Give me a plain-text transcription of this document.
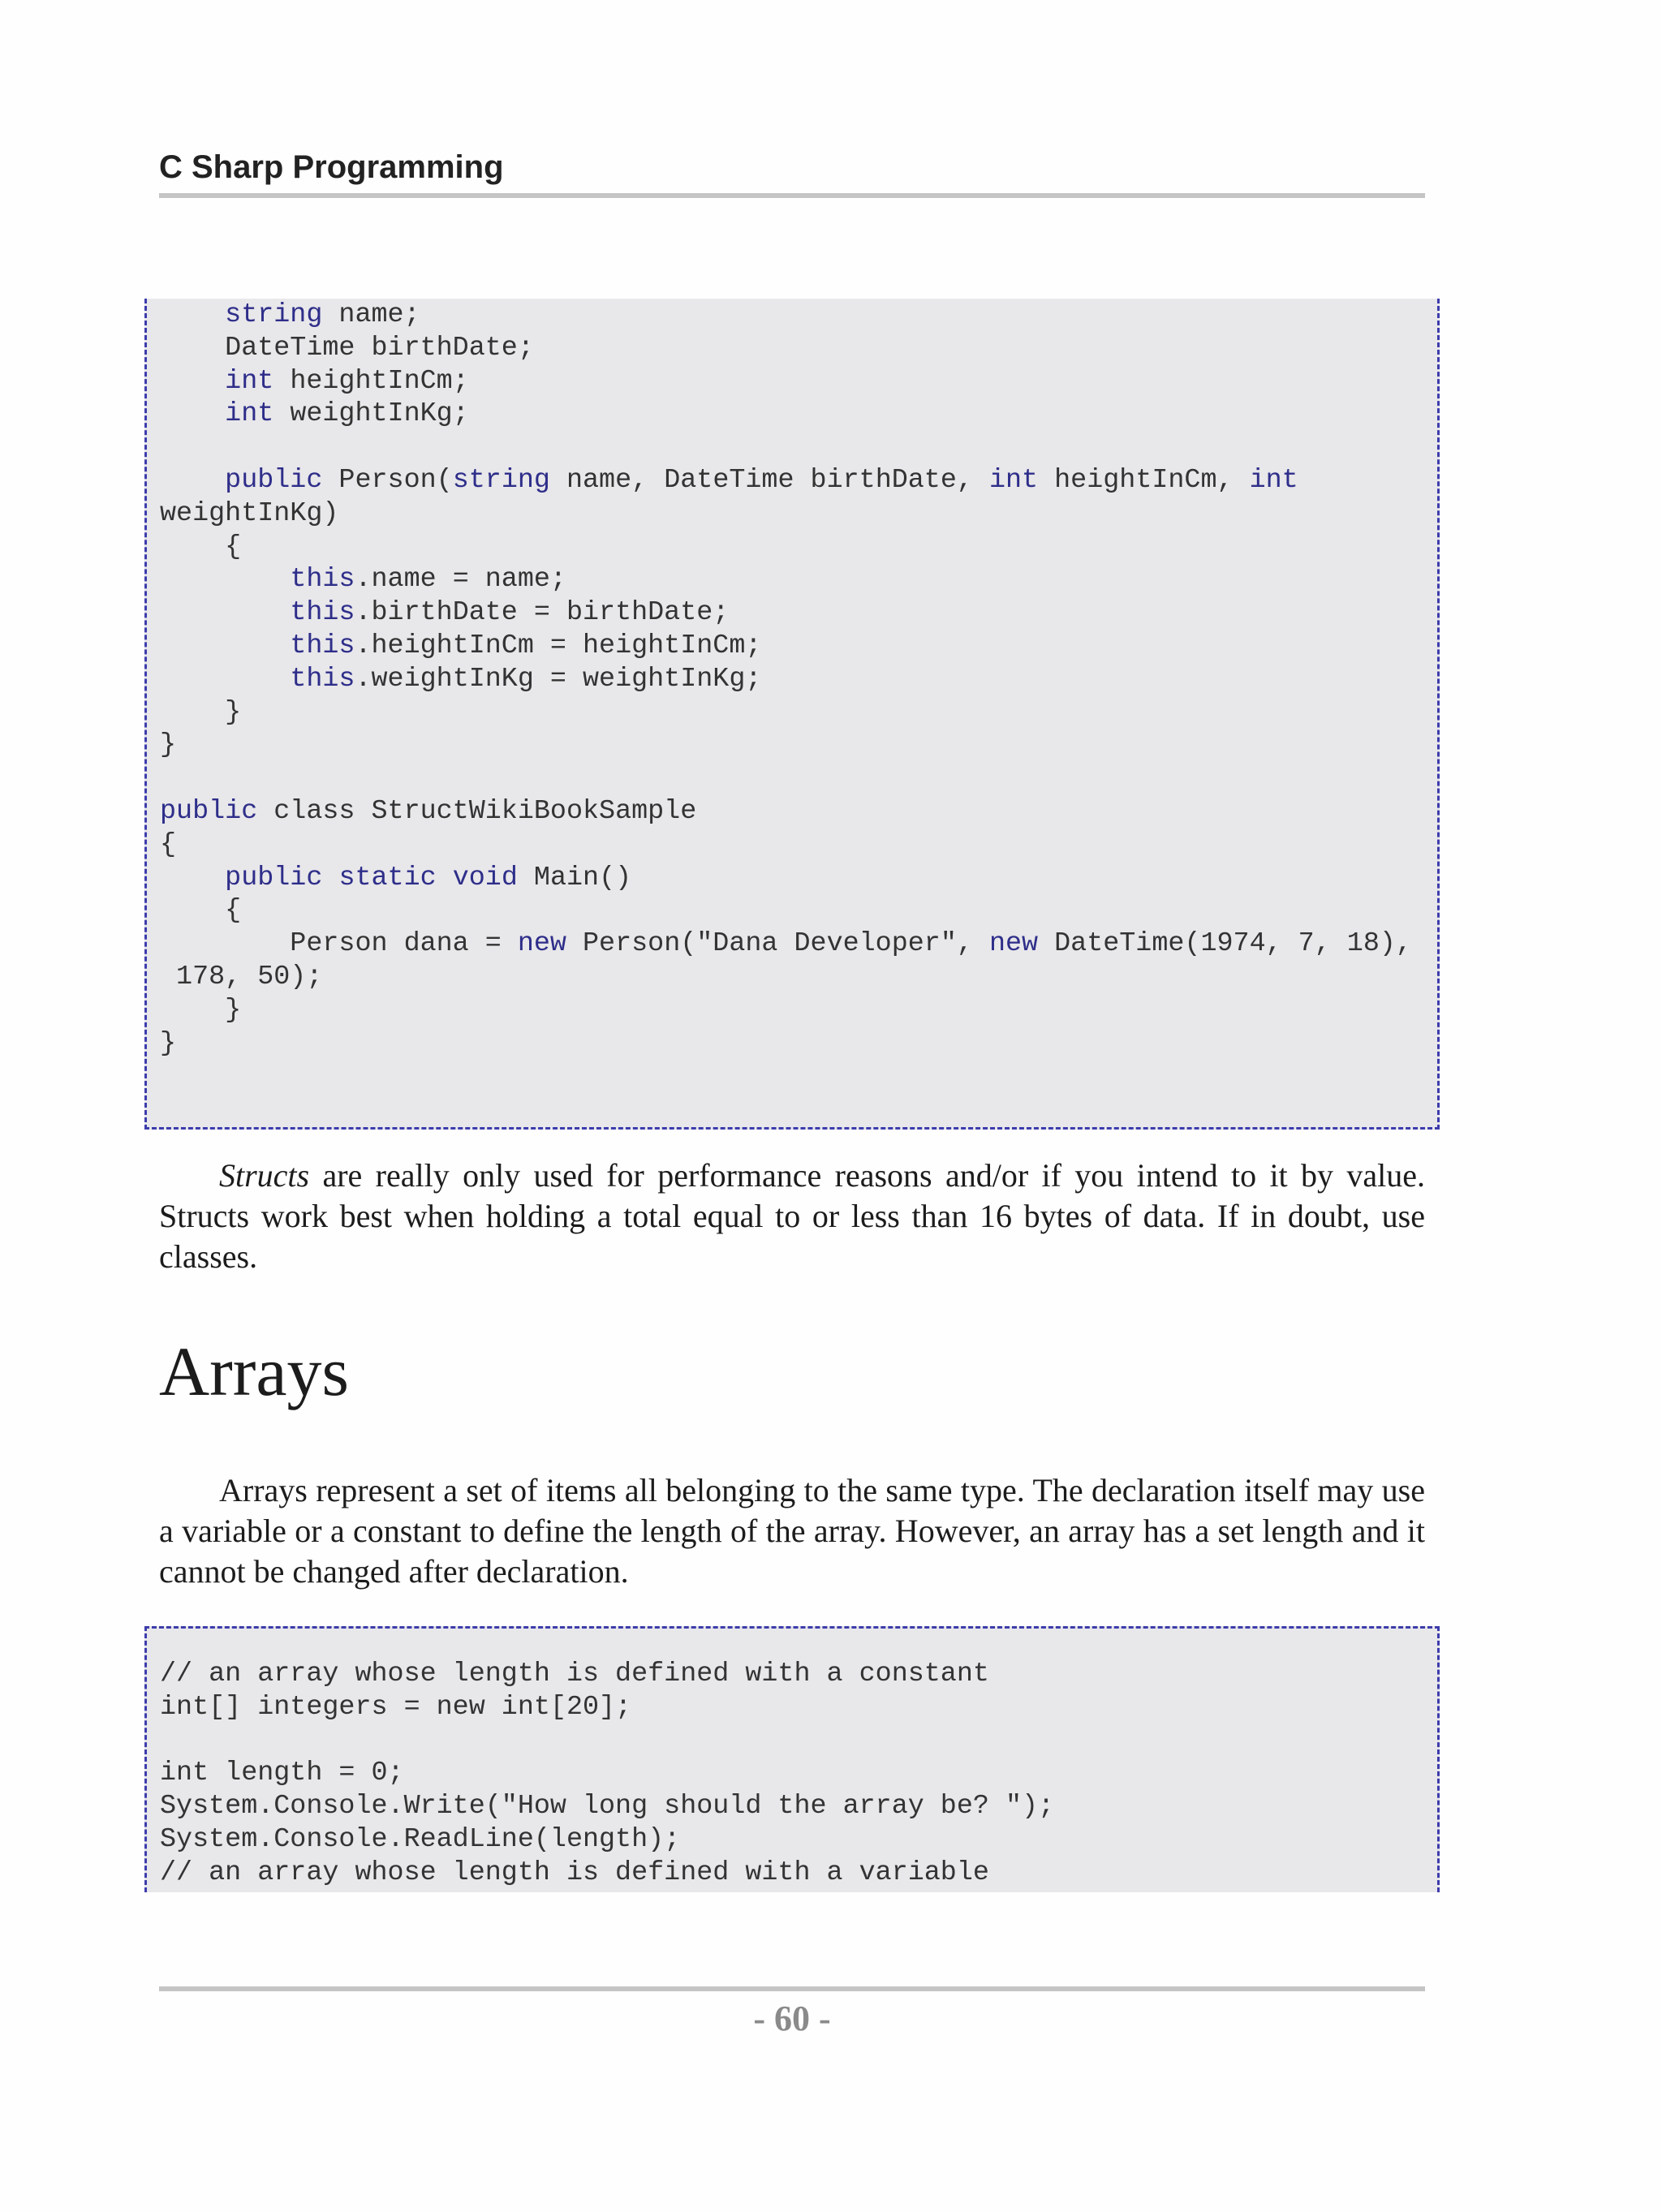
C Sharp Programming
string name;
DateTime birthDate;
int heightInCm;
int weightInKg;

public Person(string name, DateTime birthDate, int heightInCm, int
weightInKg)
{
this.name = name;
this.birthDate = birthDate;
this.heightInCm = heightInCm;
this.weightInKg = weightInKg;
}
}

public class StructWikiBookSample
{
public static void Main()
{
Person dana = new Person("Dana Developer", new DateTime(1974, 7, 18),
178, 50);
}
}

Structs are really only used for performance reasons and/or if you intend to it by value. Structs work best when holding a total equal to or less than 16 bytes of data. If in doubt, use classes.

Arrays

Arrays represent a set of items all belonging to the same type. The declaration itself may use a variable or a constant to define the length of the array. However, an array has a set length and it cannot be changed after declaration.

// an array whose length is defined with a constant
int[] integers = new int[20];

int length = 0;
System.Console.Write("How long should the array be? ");
System.Console.ReadLine(length);
// an array whose length is defined with a variable
- 60 -
